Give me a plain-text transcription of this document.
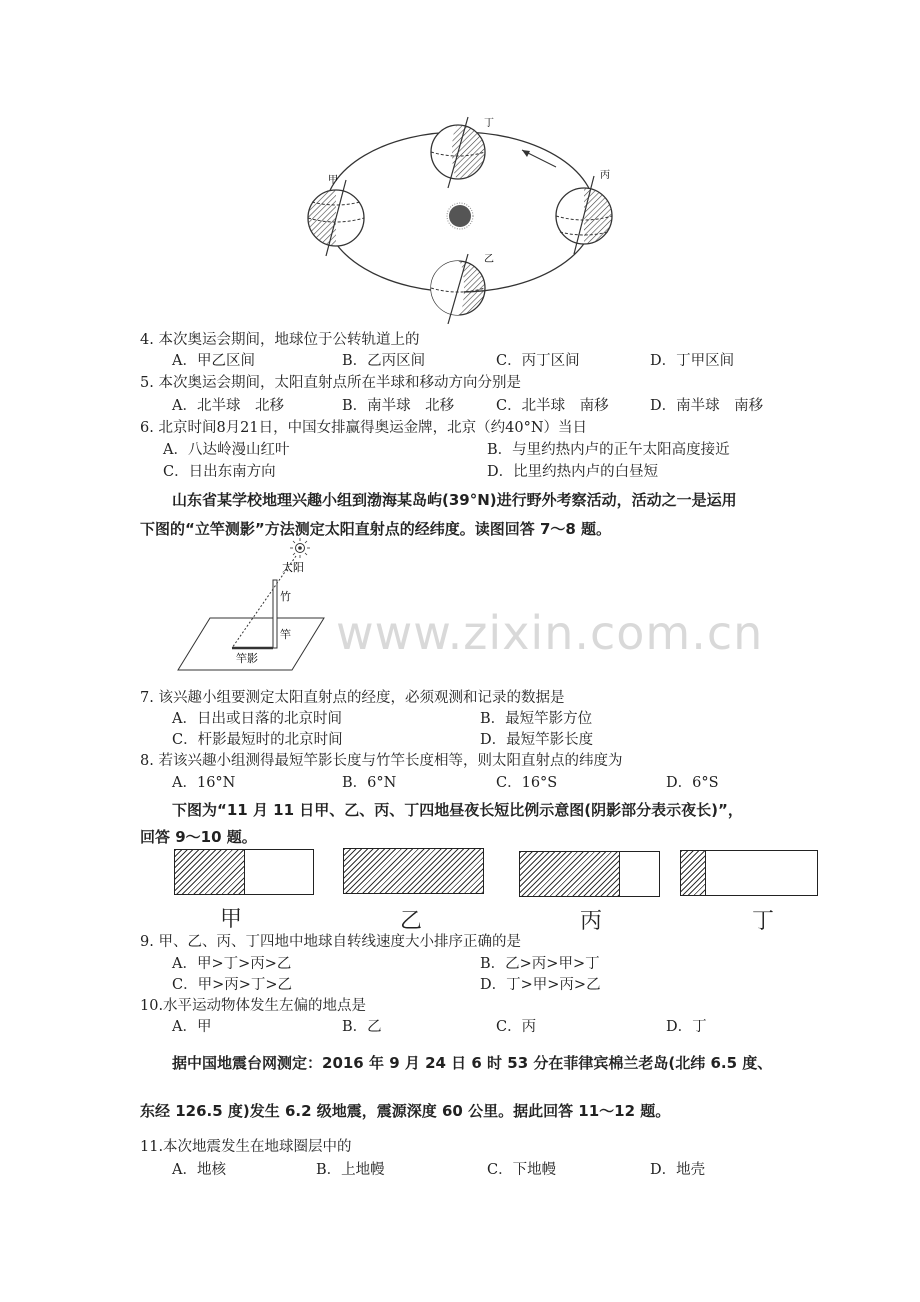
丁
甲	丙
乙
4. 本次奥运会期间，地球位于公转轨道上的
A．甲乙区间	B．乙丙区间	C．丙丁区间	D．丁甲区间
5. 本次奥运会期间，太阳直射点所在半球和移动方向分别是
A．北半球　北移	B．南半球　北移	C．北半球　南移	D．南半球　南移
6. 北京时间8月21日，中国女排赢得奥运金牌，北京（约40°N）当日
A．八达岭漫山红叶	B．与里约热内卢的正午太阳高度接近
C．日出东南方向	D．比里约热内卢的白昼短
山东省某学校地理兴趣小组到渤海某岛屿(39°N)进行野外考察活动，活动之一是运用
下图的“立竿测影”方法测定太阳直射点的经纬度。读图回答 7～8 题。
太阳
竹
竿
竿影 www.zixin.com.cn
7. 该兴趣小组要测定太阳直射点的经度，必须观测和记录的数据是
A．日出或日落的北京时间	B．最短竿影方位
C．杆影最短时的北京时间	D．最短竿影长度
8. 若该兴趣小组测得最短竿影长度与竹竿长度相等，则太阳直射点的纬度为
A．16°N	B．6°N	C．16°S	D．6°S
下图为“11 月 11 日甲、乙、丙、丁四地昼夜长短比例示意图(阴影部分表示夜长)”，
回答 9～10 题。
甲	乙	丙	丁
9. 甲、乙、丙、丁四地中地球自转线速度大小排序正确的是
A．甲>丁>丙>乙	B．乙>丙>甲>丁
C．甲>丙>丁>乙	D．丁>甲>丙>乙
10.水平运动物体发生左偏的地点是
A．甲	B．乙	C．丙	D．丁
据中国地震台网测定：2016 年 9 月 24 日 6 时 53 分在菲律宾棉兰老岛(北纬 6.5 度、
东经 126.5 度)发生 6.2 级地震，震源深度 60 公里。据此回答 11～12 题。
11.本次地震发生在地球圈层中的
A．地核	B．上地幔	C．下地幔	D．地壳
